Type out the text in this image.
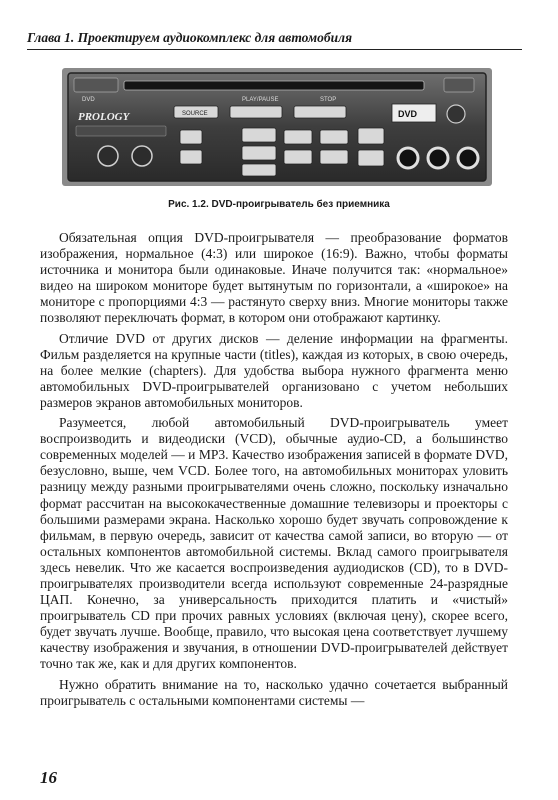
Глава 1. Проектируем аудиокомплекс для автомобиля
DVD	PLAY/PAUSE	STOP
PROLOGY	SOURCE	DVD
Рис. 1.2. DVD-проигрыватель без приемника

Обязательная опция DVD-проигрывателя — преобразование форматов изображения, нормальное (4:3) или широкое (16:9). Важно, чтобы форматы источника и монитора были одинаковые. Иначе получится так: «нормальное» видео на широком мониторе будет вытянутым по горизонтали, а «широкое» на мониторе с пропорциями 4:3 — растянуто сверху вниз. Многие мониторы также позволяют переключать формат, в котором они отображают картинку.

Отличие DVD от других дисков — деление информации на фрагменты. Фильм разделяется на крупные части (titles), каждая из которых, в свою очередь, на более мелкие (chapters). Для удобства выбора нужного фрагмента меню автомобильных DVD-проигрывателей организовано с учетом небольших размеров экранов автомобильных мониторов.

Разумеется, любой автомобильный DVD-проигрыватель умеет воспроизводить и видеодиски (VCD), обычные аудио-CD, а большинство современных моделей — и МР3. Качество изображения записей в формате DVD, безусловно, выше, чем VCD. Более того, на автомобильных мониторах уловить разницу между разными проигрывателями очень сложно, поскольку изначально формат рассчитан на высококачественные домашние телевизоры и проекторы с большими размерами экрана. Насколько хорошо будет звучать сопровождение к фильмам, в первую очередь, зависит от качества самой записи, во вторую — от остальных компонентов автомобильной системы. Вклад самого проигрывателя здесь невелик. Что же касается воспроизведения аудиодисков (CD), то в DVD-проигрывателях производители всегда используют современные 24-разрядные ЦАП. Конечно, за универсальность приходится платить и «чистый» проигрыватель CD при прочих равных условиях (включая цену), скорее всего, будет звучать лучше. Вообще, правило, что высокая цена соответствует лучшему качеству изображения и звучания, в отношении DVD-проигрывателей действует точно так же, как и для других компонентов.

Нужно обратить внимание на то, насколько удачно сочетается выбранный проигрыватель с остальными компонентами системы —

16
